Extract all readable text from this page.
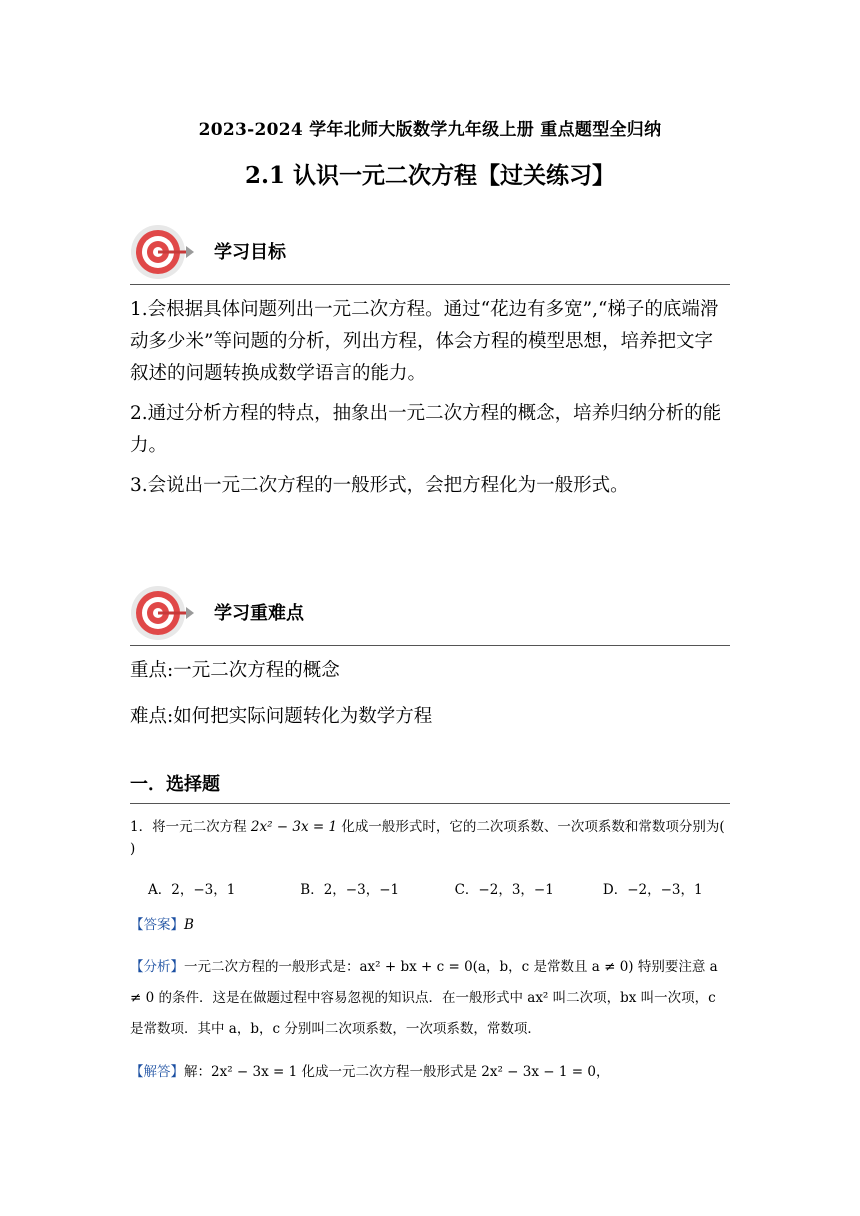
2023-2024 学年北师大版数学九年级上册 重点题型全归纳
2.1 认识一元二次方程【过关练习】
学习目标

1.会根据具体问题列出一元二次方程。通过“花边有多宽”,“梯子的底端滑动多少米”等问题的分析，列出方程，体会方程的模型思想，培养把文字叙述的问题转换成数学语言的能力。

2.通过分析方程的特点，抽象出一元二次方程的概念，培养归纳分析的能力。

3.会说出一元二次方程的一般形式，会把方程化为一般形式。

学习重难点

重点:一元二次方程的概念

难点:如何把实际问题转化为数学方程

一．选择题
1．将一元二次方程 2x² − 3x = 1 化成一般形式时，它的二次项系数、一次项系数和常数项分别为( )
A．2，−3，1	B．2，−3，−1	C．−2，3，−1	D．−2，−3，1
【答案】B
【分析】一元二次方程的一般形式是：ax² + bx + c = 0(a，b，c 是常数且 a ≠ 0) 特别要注意 a ≠ 0 的条件．这是在做题过程中容易忽视的知识点．在一般形式中 ax² 叫二次项，bx 叫一次项，c 是常数项．其中 a，b，c 分别叫二次项系数，一次项系数，常数项．
【解答】解：2x² − 3x = 1 化成一元二次方程一般形式是 2x² − 3x − 1 = 0，
